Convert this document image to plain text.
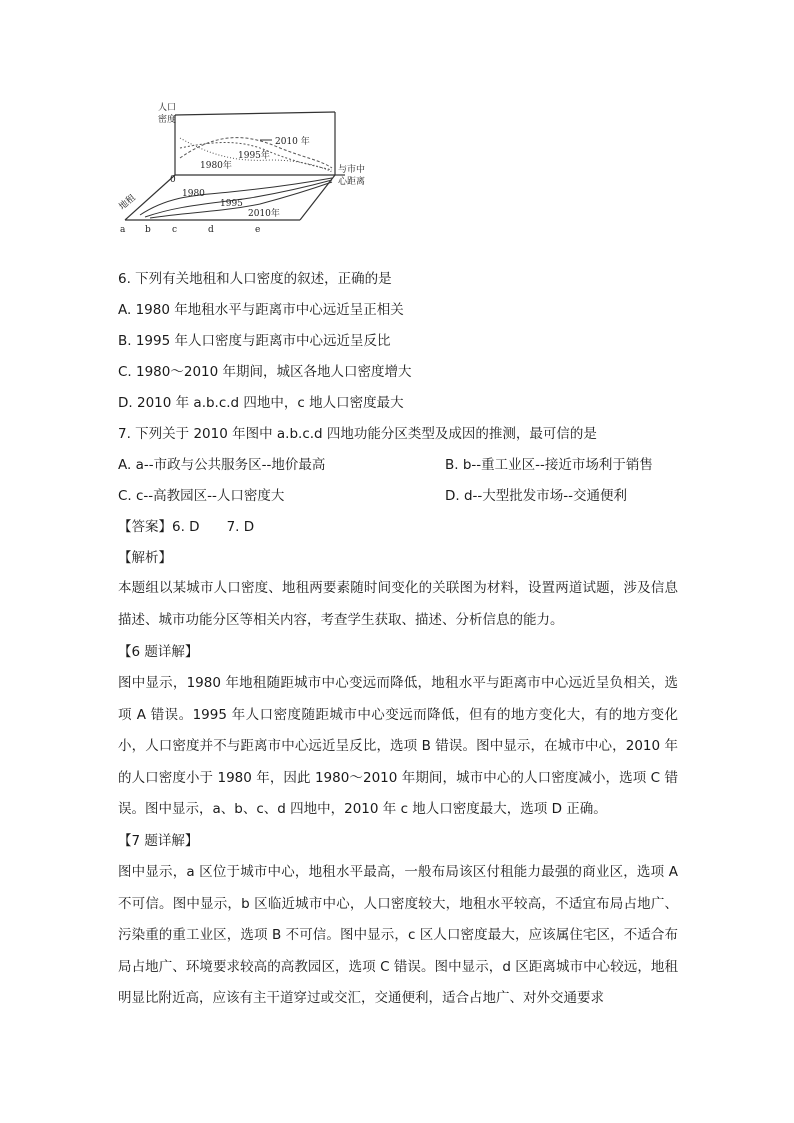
人口
密度
与市中
心距离
地租
0
2010 年
1995年
1980年
1980
1995
2010年
a b c	d	e
6. 下列有关地租和人口密度的叙述，正确的是
A. 1980 年地租水平与距离市中心远近呈正相关
B. 1995 年人口密度与距离市中心远近呈反比
C. 1980～2010 年期间，城区各地人口密度增大
D. 2010 年 a.b.c.d 四地中，c 地人口密度最大
7. 下列关于 2010 年图中 a.b.c.d 四地功能分区类型及成因的推测，最可信的是
A. a--市政与公共服务区--地价最高	B. b--重工业区--接近市场利于销售
C. c--高教园区--人口密度大	D. d--大型批发市场--交通便利
【答案】6. D　　7. D
【解析】
本题组以某城市人口密度、地租两要素随时间变化的关联图为材料，设置两道试题，涉及信息描述、城市功能分区等相关内容，考查学生获取、描述、分析信息的能力。
【6 题详解】
图中显示，1980 年地租随距城市中心变远而降低，地租水平与距离市中心远近呈负相关，选项 A 错误。1995 年人口密度随距城市中心变远而降低，但有的地方变化大，有的地方变化小，人口密度并不与距离市中心远近呈反比，选项 B 错误。图中显示，在城市中心，2010 年的人口密度小于 1980 年，因此 1980～2010 年期间，城市中心的人口密度减小，选项 C 错误。图中显示，a、b、c、d 四地中，2010 年 c 地人口密度最大，选项 D 正确。
【7 题详解】
图中显示，a 区位于城市中心，地租水平最高，一般布局该区付租能力最强的商业区，选项 A 不可信。图中显示，b 区临近城市中心，人口密度较大，地租水平较高，不适宜布局占地广、污染重的重工业区，选项 B 不可信。图中显示，c 区人口密度最大，应该属住宅区，不适合布局占地广、环境要求较高的高教园区，选项 C 错误。图中显示，d 区距离城市中心较远，地租明显比附近高，应该有主干道穿过或交汇，交通便利，适合占地广、对外交通要求
